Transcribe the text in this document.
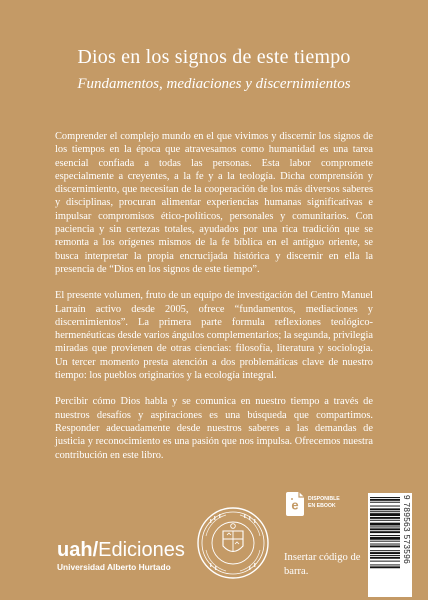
Dios en los signos de este tiempo
Fundamentos, mediaciones y discernimientos

Comprender el complejo mundo en el que vivimos y discernir los signos de los tiempos en la época que atravesamos como humanidad es una tarea esencial confiada a todas las personas. Esta labor compromete especialmente a creyentes, a la fe y a la teología. Dicha comprensión y discernimiento, que necesitan de la cooperación de los más diversos saberes y disciplinas, procuran alimentar experiencias humanas significativas e impulsar compromisos ético-políticos, personales y comunitarios. Con paciencia y sin certezas totales, ayudados por una rica tradición que se remonta a los orígenes mismos de la fe bíblica en el antiguo oriente, se busca interpretar la propia encrucijada histórica y discernir en ella la presencia de “Dios en los signos de este tiempo”.

El presente volumen, fruto de un equipo de investigación del Centro Manuel Larraín activo desde 2005, ofrece “fundamentos, mediaciones y discernimientos”. La primera parte formula reflexiones teológico-hermenéuticas desde varios ángulos complementarios; la segunda, privilegia miradas que provienen de otras ciencias: filosofía, literatura y sociología. Un tercer momento presta atención a dos problemáticas clave de nuestro tiempo: los pueblos originarios y la ecología integral.

Percibir cómo Dios habla y se comunica en nuestro tiempo a través de nuestros desafíos y aspiraciones es una búsqueda que compartimos. Responder adecuadamente desde nuestros saberes a las demandas de justicia y reconocimiento es una pasión que nos impulsa. Ofrecemos nuestra contribución en este libro.

uah/Ediciones
Universidad Alberto Hurtado
e DISPONIBLE
EN EBOOK
Insertar código de barra.
9 789563 573596
